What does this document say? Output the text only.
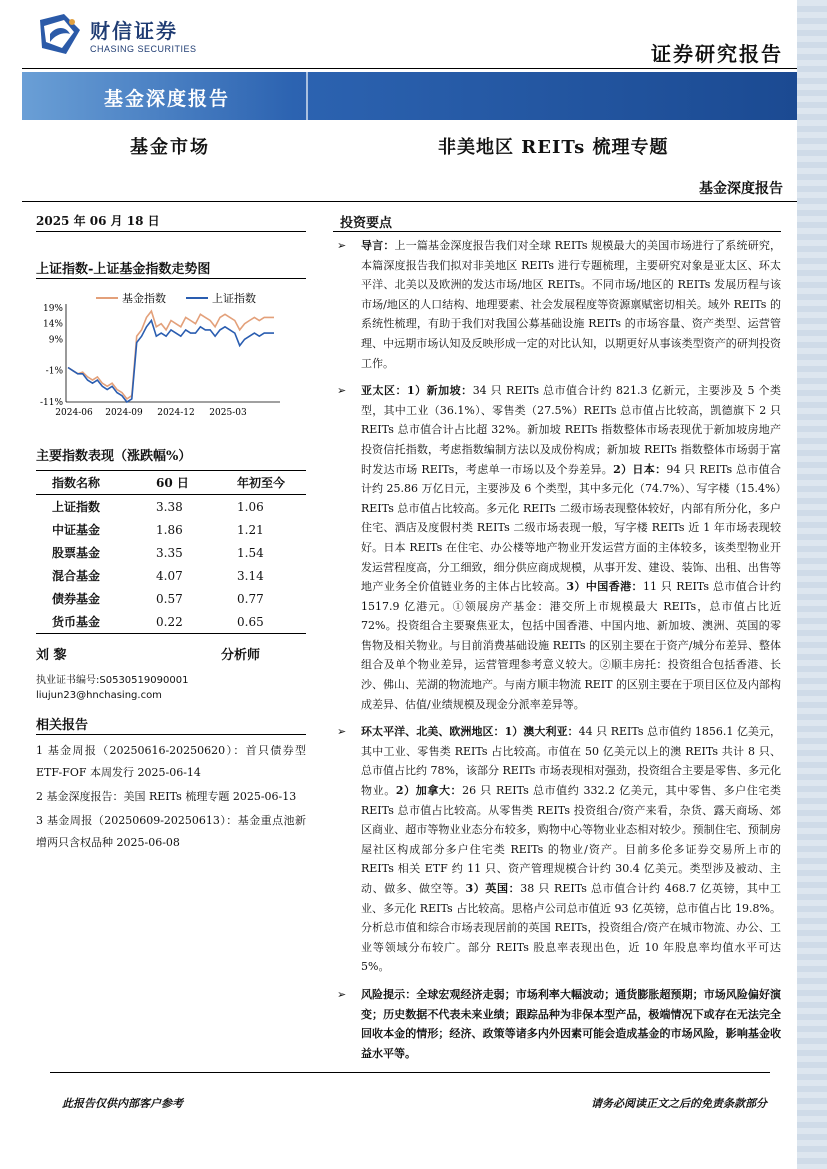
财信证券
CHASING SECURITIES	证券研究报告
基金深度报告
基金市场	非美地区 REITs 梳理专题
基金深度报告
2025 年 06 月 18 日
上证指数-上证基金指数走势图
19%
14%
9%
-1%
-11%
2024-06 2024-09 2024-12 2025-03
基金指数	上证指数
主要指数表现（涨跌幅%）
指数名称	60 日	年初至今
上证指数	3.38	1.06
中证基金	1.86	1.21
股票基金	3.35	1.54
混合基金	4.07	3.14
债券基金	0.57	0.77
货币基金	0.22	0.65
刘 黎	分析师
执业证书编号:S0530519090001
liujun23@hnchasing.com
相关报告

1 基金周报（20250616-20250620）：首只债券型 ETF-FOF 本周发行 2025-06-14

2 基金深度报告：美国 REITs 梳理专题 2025-06-13

3 基金周报（20250609-20250613）：基金重点池新增两只含权品种 2025-06-08

投资要点
➢ 导言：上一篇基金深度报告我们对全球 REITs 规模最大的美国市场进行了系统研究，本篇深度报告我们拟对非美地区 REITs 进行专题梳理，主要研究对象是亚太区、环太平洋、北美以及欧洲的发达市场/地区 REITs。不同市场/地区的 REITs 发展历程与该市场/地区的人口结构、地理要素、社会发展程度等资源禀赋密切相关。域外 REITs 的系统性梳理，有助于我们对我国公募基础设施 REITs 的市场容量、资产类型、运营管理、中远期市场认知及反映形成一定的对比认知，以期更好从事该类型资产的研判投资工作。
➢ 亚太区：1）新加坡：34 只 REITs 总市值合计约 821.3 亿新元，主要涉及 5 个类型，其中工业（36.1%）、零售类（27.5%）REITs 总市值占比较高，凯德旗下 2 只 REITs 总市值合计占比超 32%。新加坡 REITs 指数整体市场表现优于新加坡房地产投资信托指数，考虑指数编制方法以及成份构成；新加坡 REITs 指数整体市场弱于富时发达市场 REITs，考虑单一市场以及个券差异。2）日本：94 只 REITs 总市值合计约 25.86 万亿日元，主要涉及 6 个类型，其中多元化（74.7%）、写字楼（15.4%）REITs 总市值占比较高。多元化 REITs 二级市场表现整体较好，内部有所分化，多户住宅、酒店及度假村类 REITs 二级市场表现一般，写字楼 REITs 近 1 年市场表现较好。日本 REITs 在住宅、办公楼等地产物业开发运营方面的主体较多，该类型物业开发运营程度高，分工细致，细分供应商成规模，从事开发、建设、装饰、出租、出售等地产业务全价值链业务的主体占比较高。3）中国香港：11 只 REITs 总市值合计约 1517.9 亿港元。①领展房产基金：港交所上市规模最大 REITs，总市值占比近 72%。投资组合主要聚焦亚太，包括中国香港、中国内地、新加坡、澳洲、英国的零售物及相关物业。与目前消费基础设施 REITs 的区别主要在于资产/城分布差异、整体组合及单个物业差异，运营管理参考意义较大。②顺丰房托：投资组合包括香港、长沙、佛山、芜湖的物流地产。与南方顺丰物流 REIT 的区别主要在于项目区位及内部构成差异、估值/业绩规模及现金分派率差异等。
➢ 环太平洋、北美、欧洲地区：1）澳大利亚：44 只 REITs 总市值约 1856.1 亿美元，其中工业、零售类 REITs 占比较高。市值在 50 亿美元以上的澳 REITs 共计 8 只、总市值占比约 78%，该部分 REITs 市场表现相对强劲，投资组合主要是零售、多元化物业。2）加拿大：26 只 REITs 总市值约 332.2 亿美元，其中零售、多户住宅类 REITs 总市值占比较高。从零售类 REITs 投资组合/资产来看，杂货、露天商场、郊区商业、超市等物业业态分布较多，购物中心等物业业态相对较少。预制住宅、预制房屋社区构成部分多户住宅类 REITs 的物业/资产。目前多伦多证券交易所上市的 REITs 相关 ETF 约 11 只、资产管理规模合计约 30.4 亿美元。类型涉及被动、主动、做多、做空等。3）英国：38 只 REITs 总市值合计约 468.7 亿英镑，其中工业、多元化 REITs 占比较高。思格卢公司总市值近 93 亿英镑，总市值占比 19.8%。分析总市值和综合市场表现居前的英国 REITs，投资组合/资产在城市物流、办公、工业等领域分布较广。部分 REITs 股息率表现出色，近 10 年股息率均值水平可达 5%。
➢ 风险提示：全球宏观经济走弱；市场利率大幅波动；通货膨胀超预期；市场风险偏好演变；历史数据不代表未来业绩；跟踪品种为非保本型产品，极端情况下或存在无法完全回收本金的情形；经济、政策等诸多内外因素可能会造成基金的市场风险，影响基金收益水平等。
此报告仅供内部客户参考	请务必阅读正文之后的免责条款部分
